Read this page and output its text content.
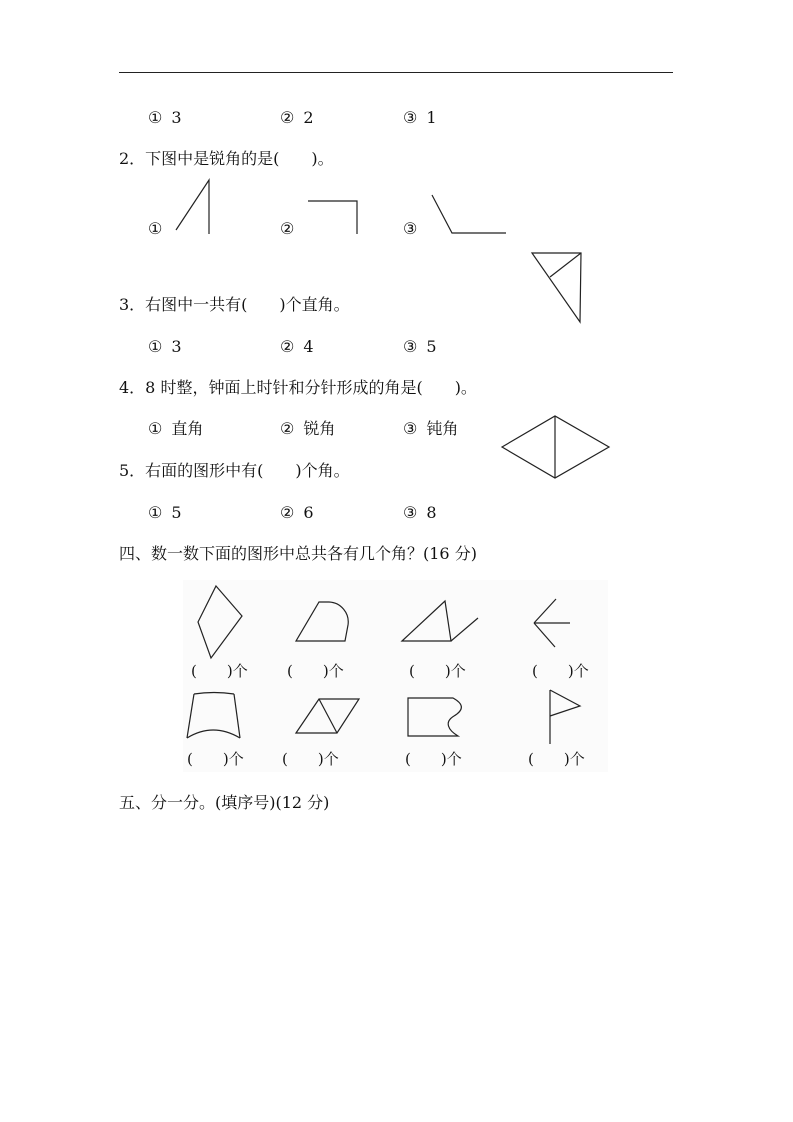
① 3	② 2	③ 1
2．下图中是锐角的是(　　)。
①	②	③
3．右图中一共有(　　)个直角。
① 3	② 4	③ 5
4．8 时整，钟面上时针和分针形成的角是(　　)。
① 直角	② 锐角	③ 钝角
5．右面的图形中有(　　)个角。
① 5	② 6	③ 8
四、数一数下面的图形中总共各有几个角？(16 分)
(　　)个	(　　)个	(　　)个	(　　)个
(　　)个	(　　)个	(　　)个	(　　)个
五、分一分。(填序号)(12 分)
